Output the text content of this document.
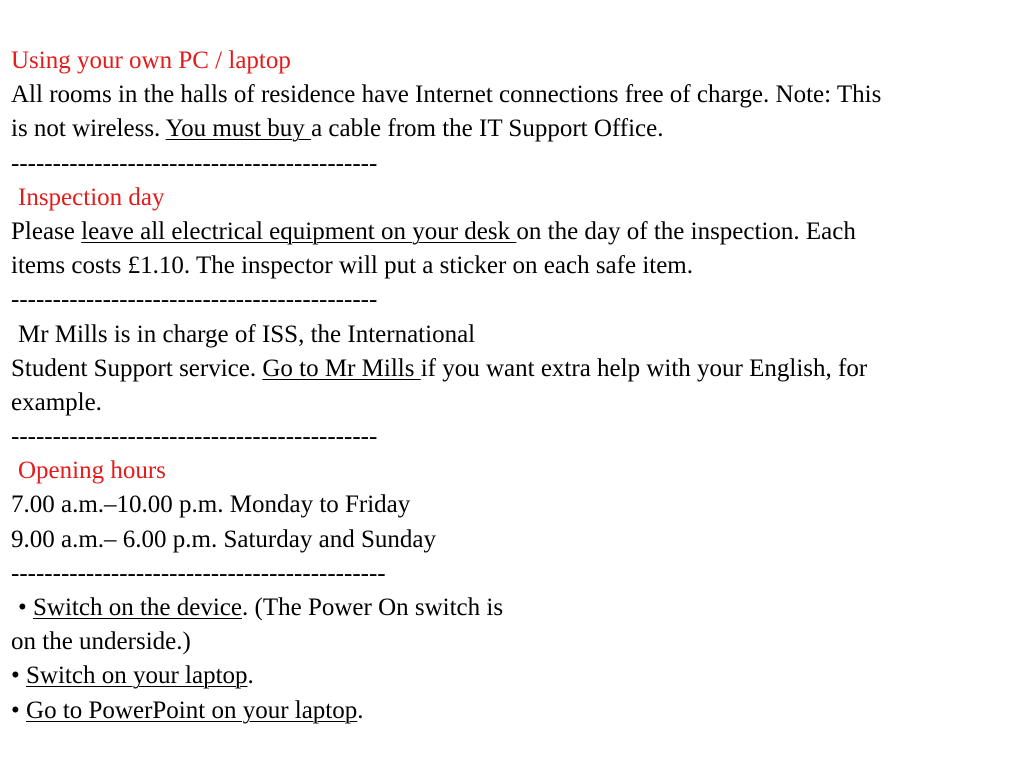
Using your own PC / laptop
All rooms in the halls of residence have Internet connections free of charge. Note: This
is not wireless. You must buy a cable from the IT Support Office.
--------------------------------------------
Inspection day
Please leave all electrical equipment on your desk on the day of the inspection. Each
items costs £1.10. The inspector will put a sticker on each safe item.
--------------------------------------------
Mr Mills is in charge of ISS, the International
Student Support service. Go to Mr Mills if you want extra help with your English, for
example.
--------------------------------------------
Opening hours
7.00 a.m.–10.00 p.m. Monday to Friday
9.00 a.m.– 6.00 p.m. Saturday and Sunday
---------------------------------------------
• Switch on the device. (The Power On switch is
on the underside.)
• Switch on your laptop.
• Go to PowerPoint on your laptop.
